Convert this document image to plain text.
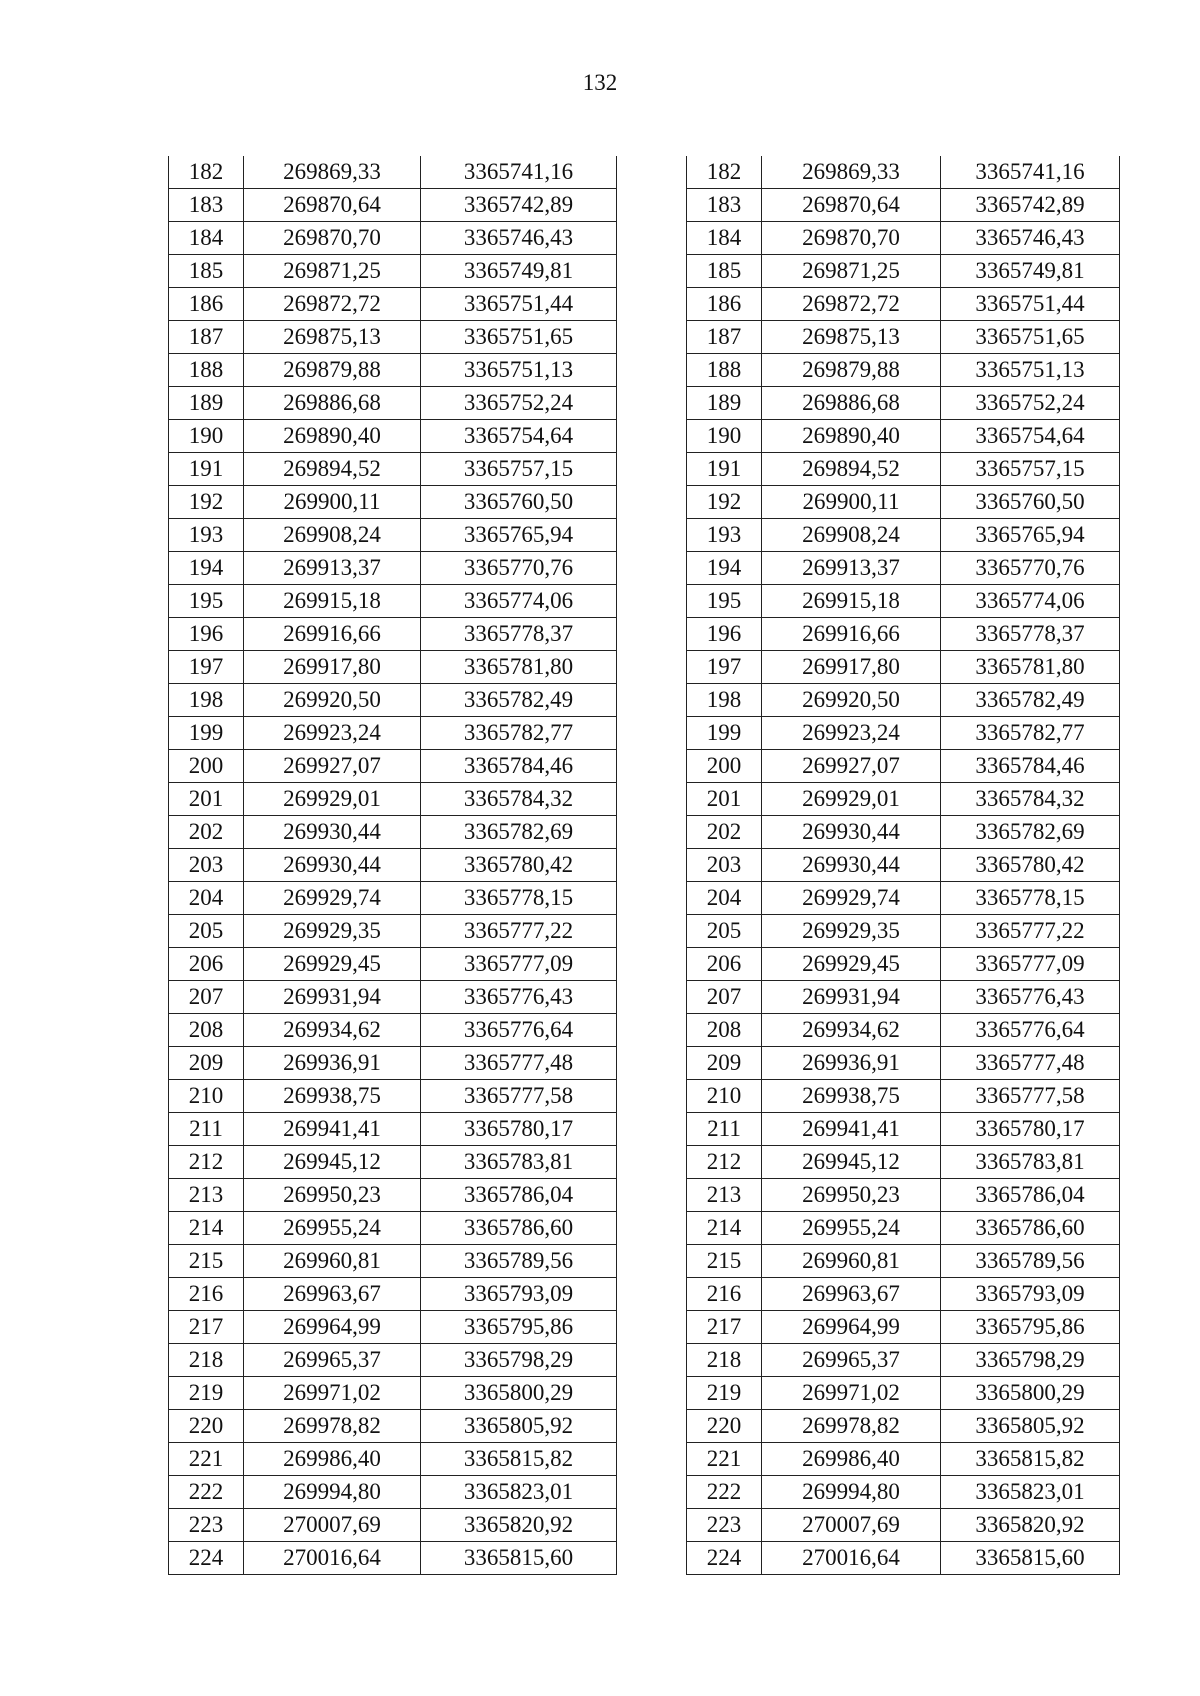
132
182	269869,33	3365741,16
183	269870,64	3365742,89
184	269870,70	3365746,43
185	269871,25	3365749,81
186	269872,72	3365751,44
187	269875,13	3365751,65
188	269879,88	3365751,13
189	269886,68	3365752,24
190	269890,40	3365754,64
191	269894,52	3365757,15
192	269900,11	3365760,50
193	269908,24	3365765,94
194	269913,37	3365770,76
195	269915,18	3365774,06
196	269916,66	3365778,37
197	269917,80	3365781,80
198	269920,50	3365782,49
199	269923,24	3365782,77
200	269927,07	3365784,46
201	269929,01	3365784,32
202	269930,44	3365782,69
203	269930,44	3365780,42
204	269929,74	3365778,15
205	269929,35	3365777,22
206	269929,45	3365777,09
207	269931,94	3365776,43
208	269934,62	3365776,64
209	269936,91	3365777,48
210	269938,75	3365777,58
211	269941,41	3365780,17
212	269945,12	3365783,81
213	269950,23	3365786,04
214	269955,24	3365786,60
215	269960,81	3365789,56
216	269963,67	3365793,09
217	269964,99	3365795,86
218	269965,37	3365798,29
219	269971,02	3365800,29
220	269978,82	3365805,92
221	269986,40	3365815,82
222	269994,80	3365823,01
223	270007,69	3365820,92
224	270016,64	3365815,60
182	269869,33	3365741,16
183	269870,64	3365742,89
184	269870,70	3365746,43
185	269871,25	3365749,81
186	269872,72	3365751,44
187	269875,13	3365751,65
188	269879,88	3365751,13
189	269886,68	3365752,24
190	269890,40	3365754,64
191	269894,52	3365757,15
192	269900,11	3365760,50
193	269908,24	3365765,94
194	269913,37	3365770,76
195	269915,18	3365774,06
196	269916,66	3365778,37
197	269917,80	3365781,80
198	269920,50	3365782,49
199	269923,24	3365782,77
200	269927,07	3365784,46
201	269929,01	3365784,32
202	269930,44	3365782,69
203	269930,44	3365780,42
204	269929,74	3365778,15
205	269929,35	3365777,22
206	269929,45	3365777,09
207	269931,94	3365776,43
208	269934,62	3365776,64
209	269936,91	3365777,48
210	269938,75	3365777,58
211	269941,41	3365780,17
212	269945,12	3365783,81
213	269950,23	3365786,04
214	269955,24	3365786,60
215	269960,81	3365789,56
216	269963,67	3365793,09
217	269964,99	3365795,86
218	269965,37	3365798,29
219	269971,02	3365800,29
220	269978,82	3365805,92
221	269986,40	3365815,82
222	269994,80	3365823,01
223	270007,69	3365820,92
224	270016,64	3365815,60
